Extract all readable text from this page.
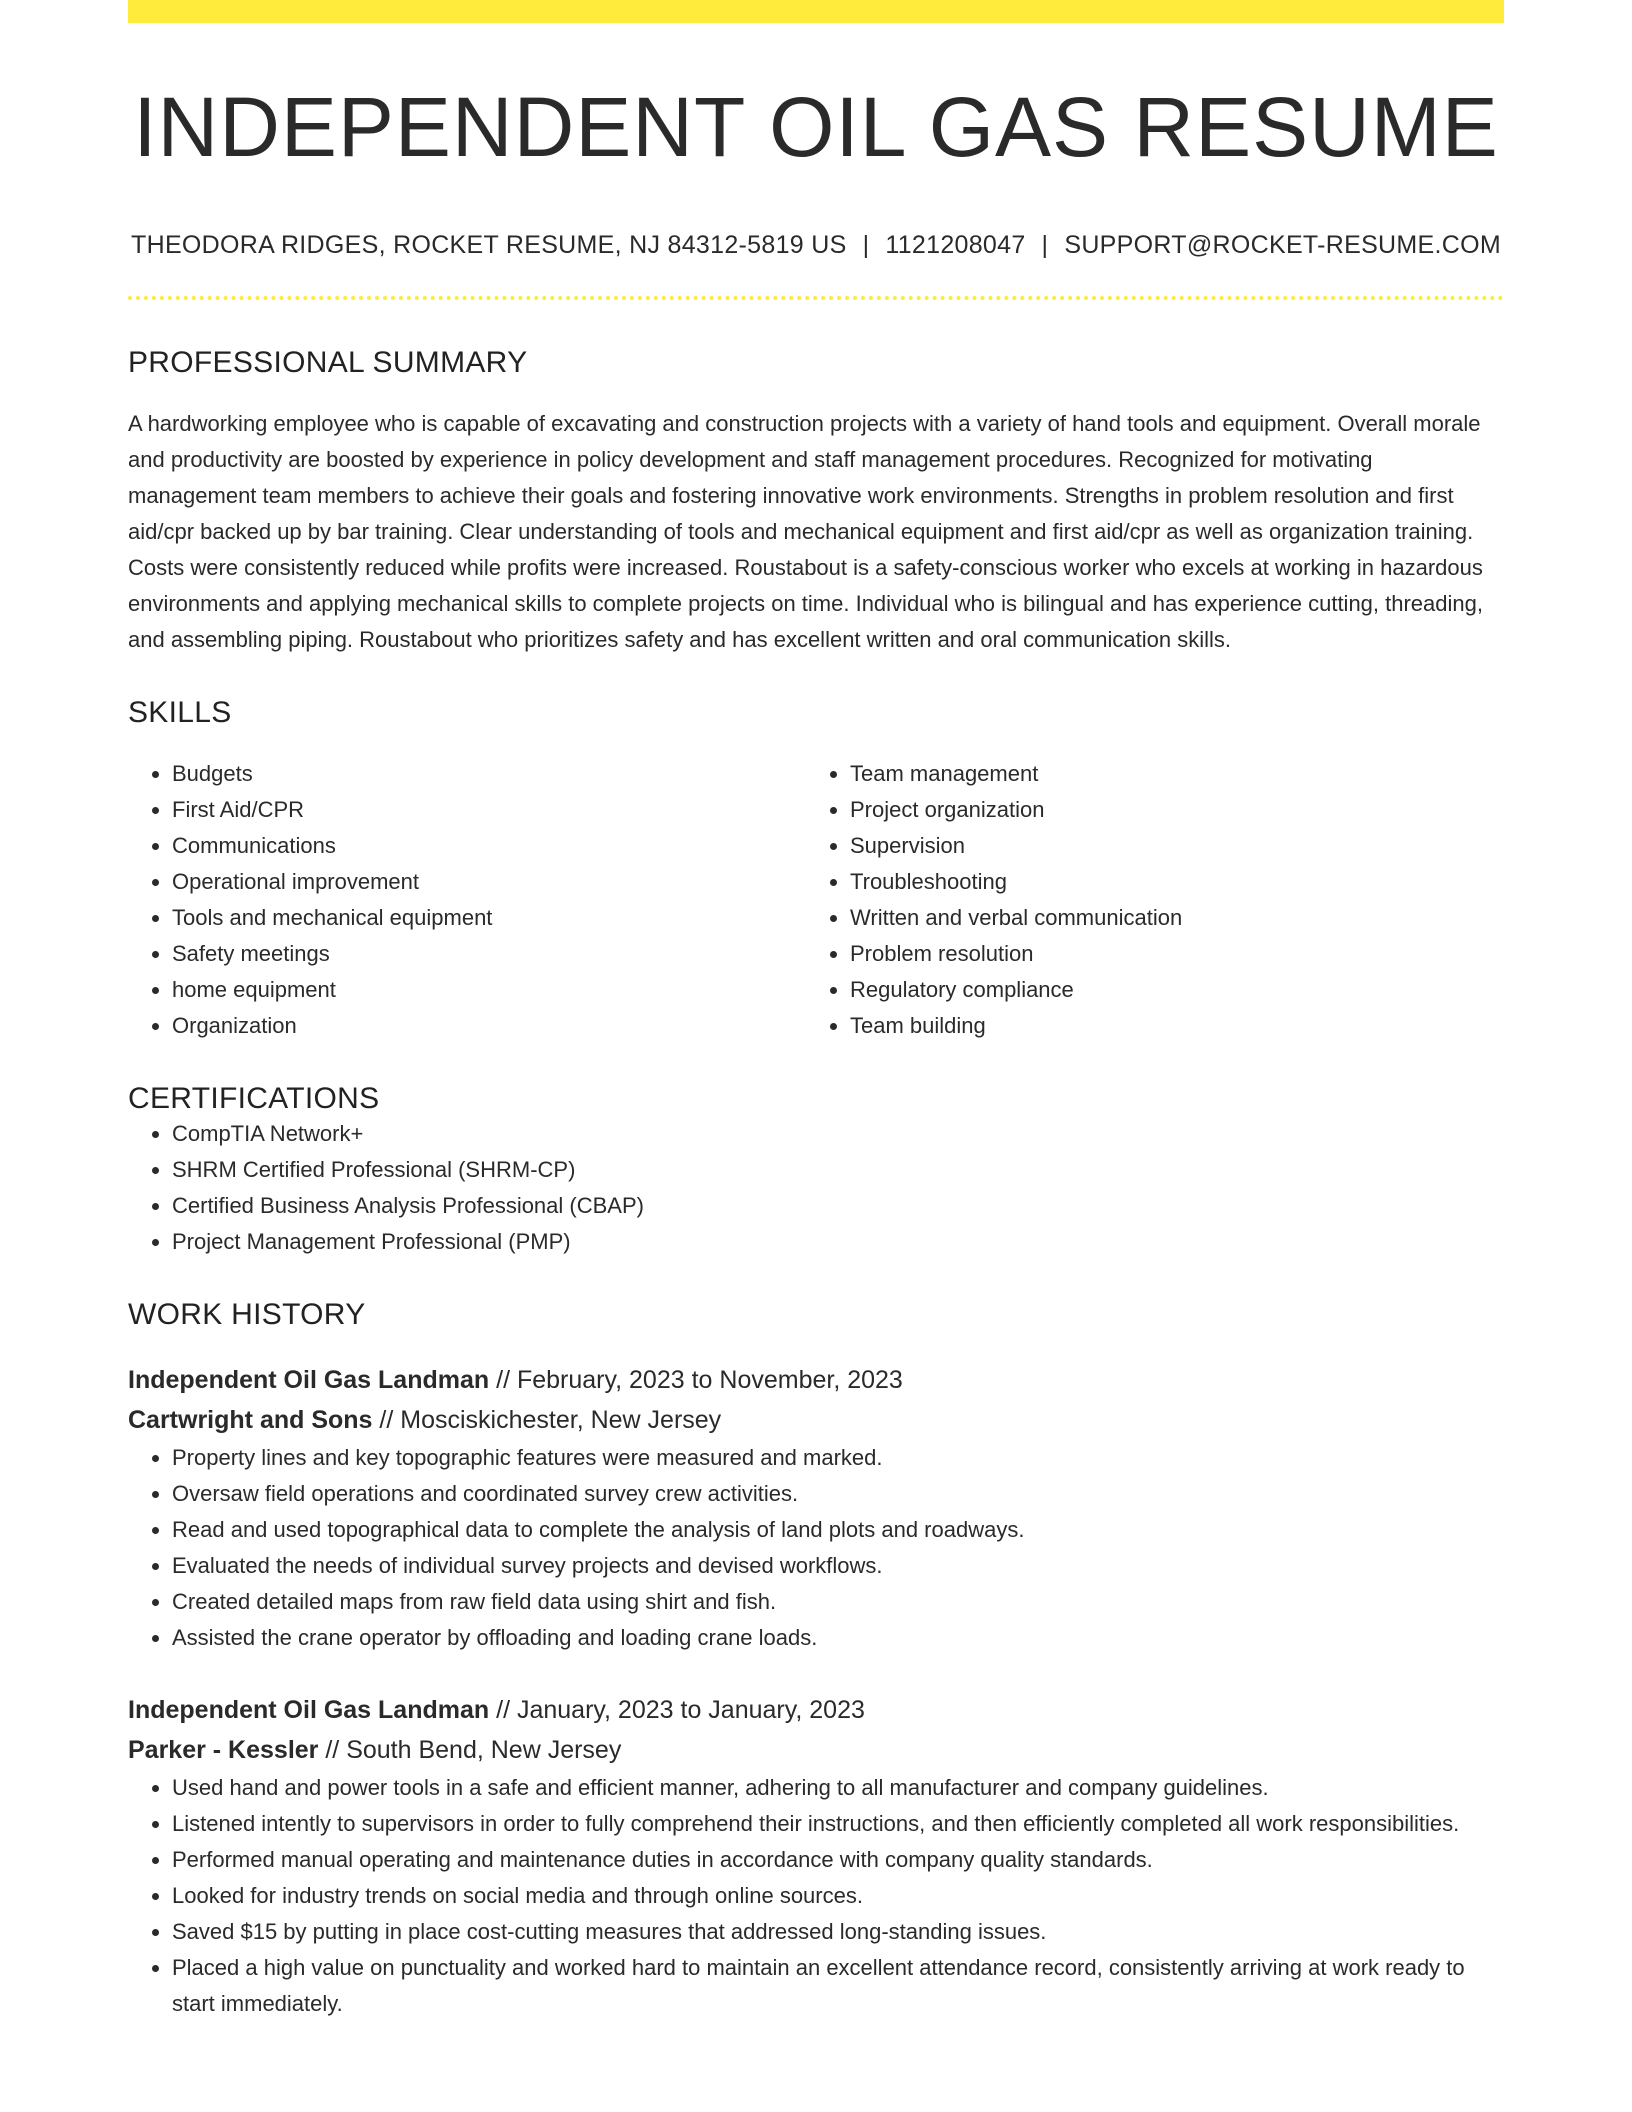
INDEPENDENT OIL GAS RESUME
THEODORA RIDGES, ROCKET RESUME, NJ 84312-5819 US | 1121208047 | SUPPORT@ROCKET-RESUME.COM
PROFESSIONAL SUMMARY

A hardworking employee who is capable of excavating and construction projects with a variety of hand tools and equipment. Overall morale and productivity are boosted by experience in policy development and staff management procedures. Recognized for motivating management team members to achieve their goals and fostering innovative work environments. Strengths in problem resolution and first aid/cpr backed up by bar training. Clear understanding of tools and mechanical equipment and first aid/cpr as well as organization training. Costs were consistently reduced while profits were increased. Roustabout is a safety-conscious worker who excels at working in hazardous environments and applying mechanical skills to complete projects on time. Individual who is bilingual and has experience cutting, threading, and assembling piping. Roustabout who prioritizes safety and has excellent written and oral communication skills.

SKILLS
• Budgets
• First Aid/CPR
• Communications
• Operational improvement
• Tools and mechanical equipment
• Safety meetings
• home equipment
• Organization
• Team management
• Project organization
• Supervision
• Troubleshooting
• Written and verbal communication
• Problem resolution
• Regulatory compliance
• Team building
CERTIFICATIONS
• CompTIA Network+
• SHRM Certified Professional (SHRM-CP)
• Certified Business Analysis Professional (CBAP)
• Project Management Professional (PMP)
WORK HISTORY
Independent Oil Gas Landman // February, 2023 to November, 2023
Cartwright and Sons // Mosciskichester, New Jersey
• Property lines and key topographic features were measured and marked.
• Oversaw field operations and coordinated survey crew activities.
• Read and used topographical data to complete the analysis of land plots and roadways.
• Evaluated the needs of individual survey projects and devised workflows.
• Created detailed maps from raw field data using shirt and fish.
• Assisted the crane operator by offloading and loading crane loads.
Independent Oil Gas Landman // January, 2023 to January, 2023
Parker - Kessler // South Bend, New Jersey
• Used hand and power tools in a safe and efficient manner, adhering to all manufacturer and company guidelines.
• Listened intently to supervisors in order to fully comprehend their instructions, and then efficiently completed all work responsibilities.
• Performed manual operating and maintenance duties in accordance with company quality standards.
• Looked for industry trends on social media and through online sources.
• Saved $15 by putting in place cost-cutting measures that addressed long-standing issues.
• Placed a high value on punctuality and worked hard to maintain an excellent attendance record, consistently arriving at work ready to start immediately.
